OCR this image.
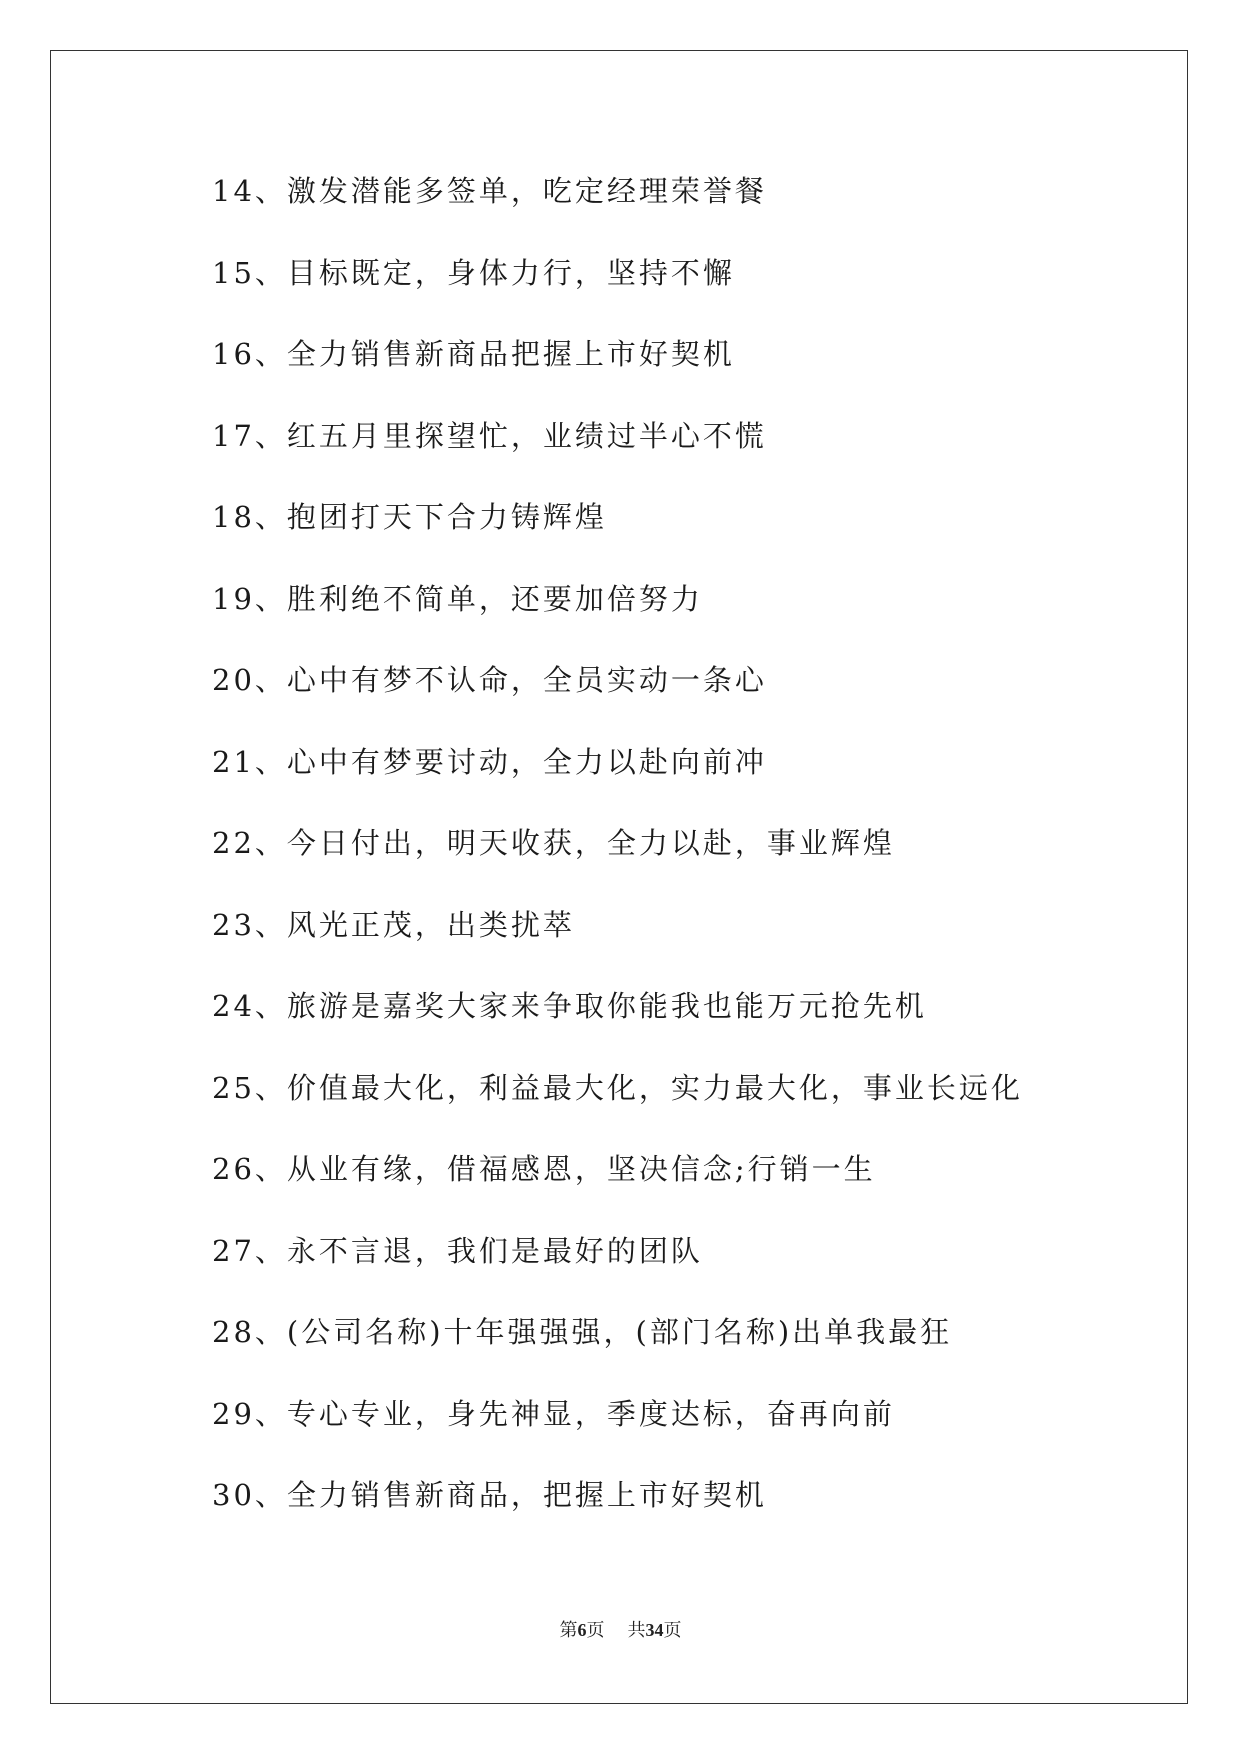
14、激发潜能多签单，吃定经理荣誉餐
15、目标既定，身体力行，坚持不懈
16、全力销售新商品把握上市好契机
17、红五月里探望忙，业绩过半心不慌
18、抱团打天下合力铸辉煌
19、胜利绝不简单，还要加倍努力
20、心中有梦不认命，全员实动一条心
21、心中有梦要讨动，全力以赴向前冲
22、今日付出，明天收获，全力以赴，事业辉煌
23、风光正茂，出类扰萃
24、旅游是嘉奖大家来争取你能我也能万元抢先机
25、价值最大化，利益最大化，实力最大化，事业长远化
26、从业有缘，借福感恩，坚决信念;行销一生
27、永不言退，我们是最好的团队
28、(公司名称)十年强强强，(部门名称)出单我最狂
29、专心专业，身先神显，季度达标，奋再向前
30、全力销售新商品，把握上市好契机
第6页 共34页
